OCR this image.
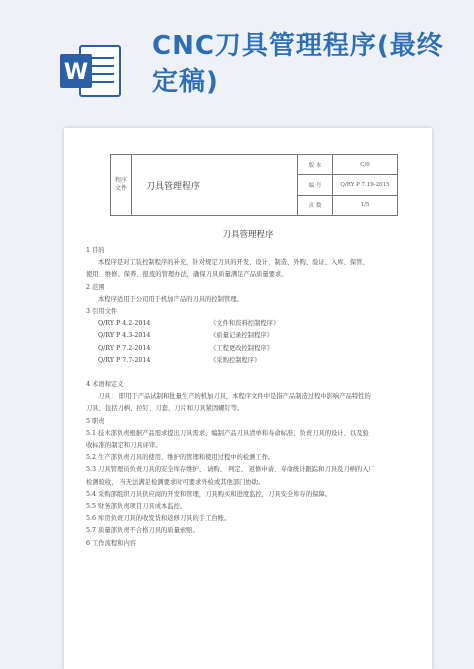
W
CNC刀具管理程序(最终定稿)
程序文件	刀具管理程序	版 本	C/0
		编 号	Q/RY P 7.19-2015
		页 数	1/5
刀具管理程序
1 目的
本程序是对工装控制程序的补充，针对规定刀具的开发、设计、制造、外购、验证、入库、保管、
使用、维修、保养、报废的管理办法，确保刀具质量满足产品质量要求。
2 范围
本程序适用于公司用于机加产品的刀具的控制管理。
3 引用文件
Q/RY P 4.2-2014	《文件和资料控制程序》
Q/RY P 4.3-2014	《质量记录控制程序》
Q/RY P 7.2-2014	《工程更改控制程序》
Q/RY P 7.7-2014	《采购控制程序》
4 术语和定义
刀具： 即用于产品试制和批量生产的机加刀具，本程序文件中是指产品制造过程中影响产品特性的
刀具、包括刀柄、拉钉、刀套、刀片和刀具紧固螺钉等。
5 职责
5.1 技术部负责根据产品需求提出刀具需求，编制产品刀具清单和寿命标准，负责刀具的设计、以及验
收标准的制定和刀具评审。
5.2 生产部负责刀具的使用、维护的管理和使用过程中的检测工作。
5.3 刀具管理员负责刀具的安全库存维护、 请购、 判定、 返修申请、寿命统计跟踪和刀具及刀柄的入厂
检测验收， 当无法满足检测要求时可要求外检或其他部门协助。
5.4 采购部组织刀具供应商的开发和管理，刀具购买和进度监控，刀具安全库存的保障。
5.5 财务部负责项目刀具成本监控。
5.6 库房负责刀具的收发货和返修刀具的手工台账。
5.7 质量部负责不合格刀具的质量索赔。
6 工作流程和内容
